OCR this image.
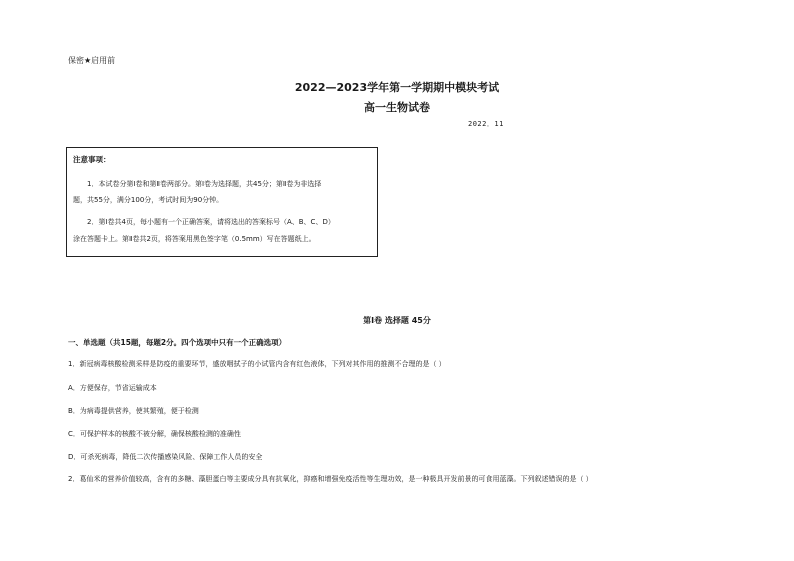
保密★启用前
2022—2023学年第一学期期中模块考试
高一生物试卷
2022．11
注意事项：
1．本试卷分第Ⅰ卷和第Ⅱ卷两部分。第Ⅰ卷为选择题，共45分；第Ⅱ卷为非选择
题，共55分，满分100分，考试时间为90分钟。
2．第Ⅰ卷共4页，每小题有一个正确答案，请将选出的答案标号（A、B、C、D）
涂在答题卡上。第Ⅱ卷共2页，将答案用黑色签字笔（0.5mm）写在答题纸上。
第Ⅰ卷 选择题 45分
一、单选题（共15题，每题2分。四个选项中只有一个正确选项）
1．新冠病毒核酸检测采样是防疫的重要环节，盛放咽拭子的小试管内含有红色液体，下列对其作用的推测不合理的是（ ）
A．方便保存，节省运输成本
B．为病毒提供营养，使其繁殖，便于检测
C．可保护样本的核酸不被分解，确保核酸检测的准确性
D．可杀死病毒，降低二次传播感染风险、保障工作人员的安全
2．葛仙米的营养价值较高，含有的多糖、藻胆蛋白等主要成分具有抗氧化，抑癌和增强免疫活性等生理功效，是一种极具开发前景的可食用蓝藻。下列叙述错误的是（ ）
